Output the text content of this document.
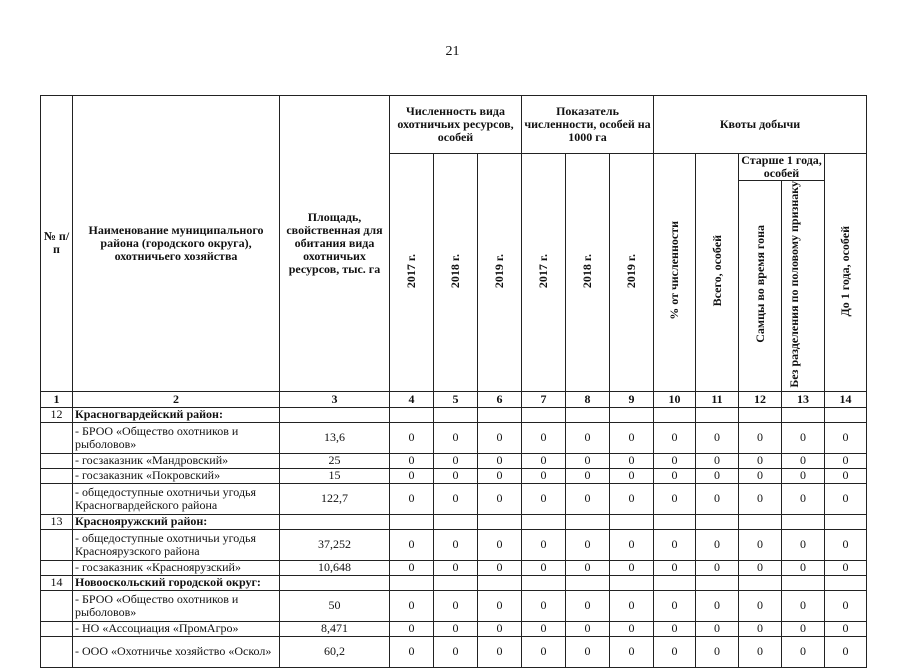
21
№ п/п	Наименование муниципального района (городского округа), охотничьего хозяйства	Площадь, свойственная для обитания вида охотничьих ресурсов, тыс. га	Численность вида охотничьих ресурсов, особей			Показатель численности, особей на 1000 га			Квоты добычи				
			2017 г.	2018 г.	2019 г.	2017 г.	2018 г.	2019 г.	% от численности	Всего, особей	Старше 1 года, особей		До 1 года, особей
											Самцы во время гона	Без разделения по половому признаку	
1	2	3	4	5	6	7	8	9	10	11	12	13	14
12	Красногвардейский район:												
	- БРОО «Общество охотников и рыболовов»	13,6	0	0	0	0	0	0	0	0	0	0	0
	- госзаказник «Мандровский»	25	0	0	0	0	0	0	0	0	0	0	0
	- госзаказник «Покровский»	15	0	0	0	0	0	0	0	0	0	0	0
	- общедоступные охотничьи угодья Красногвардейского района	122,7	0	0	0	0	0	0	0	0	0	0	0
13	Краснояружский район:												
	- общедоступные охотничьи угодья Красноярузского района	37,252	0	0	0	0	0	0	0	0	0	0	0
	- госзаказник «Красноярузский»	10,648	0	0	0	0	0	0	0	0	0	0	0
14	Новооскольский городской округ:												
	- БРОО «Общество охотников и рыболовов»	50	0	0	0	0	0	0	0	0	0	0	0
	- НО «Ассоциация «ПромАгро»	8,471	0	0	0	0	0	0	0	0	0	0	0
	- ООО «Охотничье хозяйство «Оскол»	60,2	0	0	0	0	0	0	0	0	0	0	0
